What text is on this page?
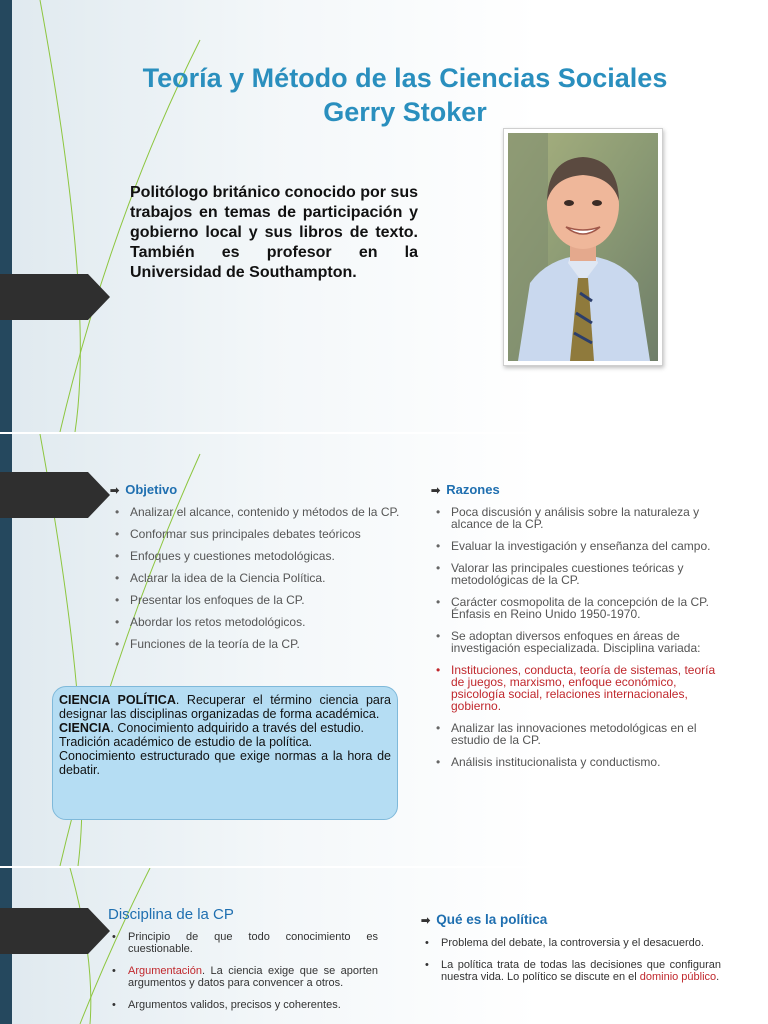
Teoría y Método de las Ciencias Sociales
Gerry Stoker
Politólogo británico conocido por sus trabajos en temas de participación y gobierno local y sus libros de texto. También es profesor en la Universidad de Southampton.
➡ Objetivo
• Analizar el alcance, contenido y métodos de la CP.
• Conformar sus principales debates teóricos
• Enfoques y cuestiones metodológicas.
• Aclarar la idea de la Ciencia Política.
• Presentar los enfoques de la CP.
• Abordar los retos metodológicos.
• Funciones de la teoría de la CP.
CIENCIA POLÍTICA. Recuperar el término ciencia para designar las disciplinas organizadas de forma académica.
CIENCIA. Conocimiento adquirido a través del estudio.
Tradición académico de estudio de la política.
Conocimiento estructurado que exige normas a la hora de debatir.
➡ Razones
• Poca discusión y análisis sobre la naturaleza y alcance de la CP.
• Evaluar la investigación y enseñanza del campo.
• Valorar las principales cuestiones teóricas y metodológicas de la CP.
• Carácter cosmopolita de la concepción de la CP. Énfasis en Reino Unido 1950-1970.
• Se adoptan diversos enfoques en áreas de investigación especializada. Disciplina variada:
• Instituciones, conducta, teoría de sistemas, teoría de juegos, marxismo, enfoque económico, psicología social, relaciones internacionales, gobierno.
• Analizar las innovaciones metodológicas en el estudio de la CP.
• Análisis institucionalista y conductismo.
Disciplina de la CP
• Principio de que todo conocimiento es cuestionable.
• Argumentación. La ciencia exige que se aporten argumentos y datos para convencer a otros.
• Argumentos validos, precisos y coherentes.
➡ Qué es la política
• Problema del debate, la controversia y el desacuerdo.
• La política trata de todas las decisiones que configuran nuestra vida. Lo político se discute en el dominio público.
